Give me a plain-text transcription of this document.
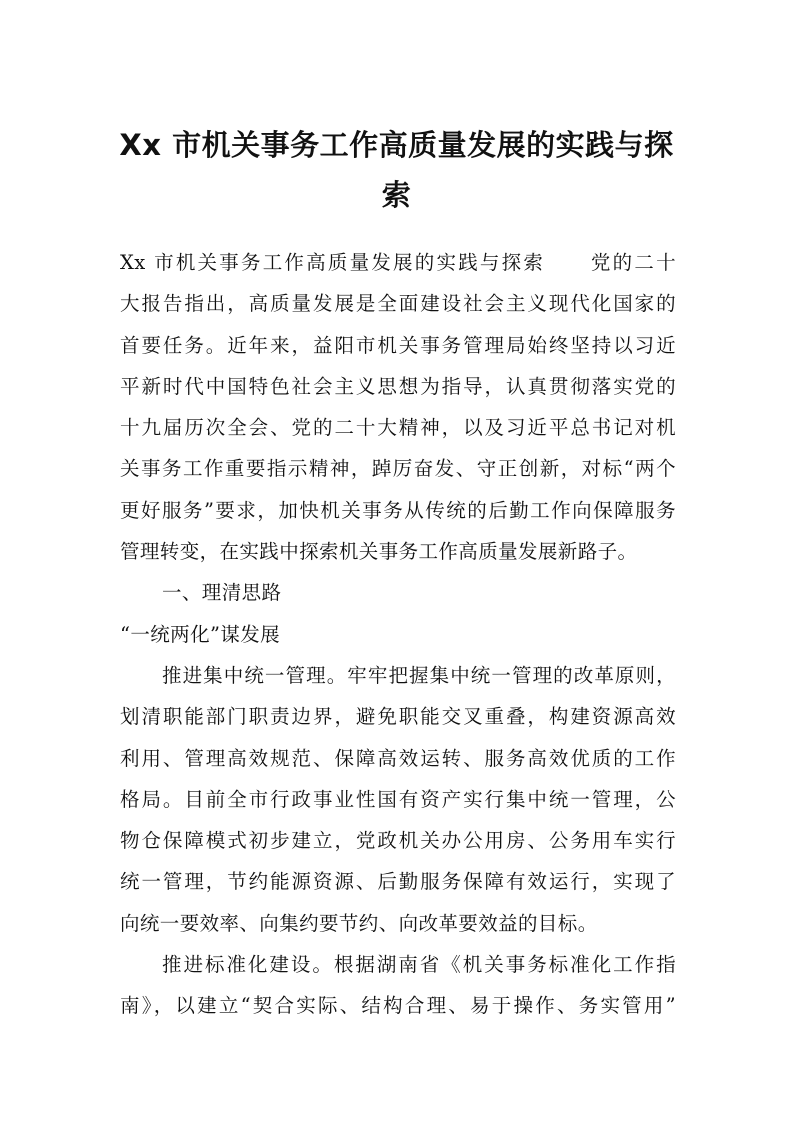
Xx 市机关事务工作高质量发展的实践与探
索
Xx 市机关事务工作高质量发展的实践与探索 党的二十
大报告指出，高质量发展是全面建设社会主义现代化国家的
首要任务。近年来，益阳市机关事务管理局始终坚持以习近
平新时代中国特色社会主义思想为指导，认真贯彻落实党的
十九届历次全会、党的二十大精神，以及习近平总书记对机
关事务工作重要指示精神，踔厉奋发、守正创新，对标“两个
更好服务”要求，加快机关事务从传统的后勤工作向保障服务
管理转变，在实践中探索机关事务工作高质量发展新路子。
一、理清思路
“一统两化”谋发展
推进集中统一管理。牢牢把握集中统一管理的改革原则，
划清职能部门职责边界，避免职能交叉重叠，构建资源高效
利用、管理高效规范、保障高效运转、服务高效优质的工作
格局。目前全市行政事业性国有资产实行集中统一管理，公
物仓保障模式初步建立，党政机关办公用房、公务用车实行
统一管理，节约能源资源、后勤服务保障有效运行，实现了
向统一要效率、向集约要节约、向改革要效益的目标。
推进标准化建设。根据湖南省《机关事务标准化工作指
南》，以建立“契合实际、结构合理、易于操作、务实管用”
